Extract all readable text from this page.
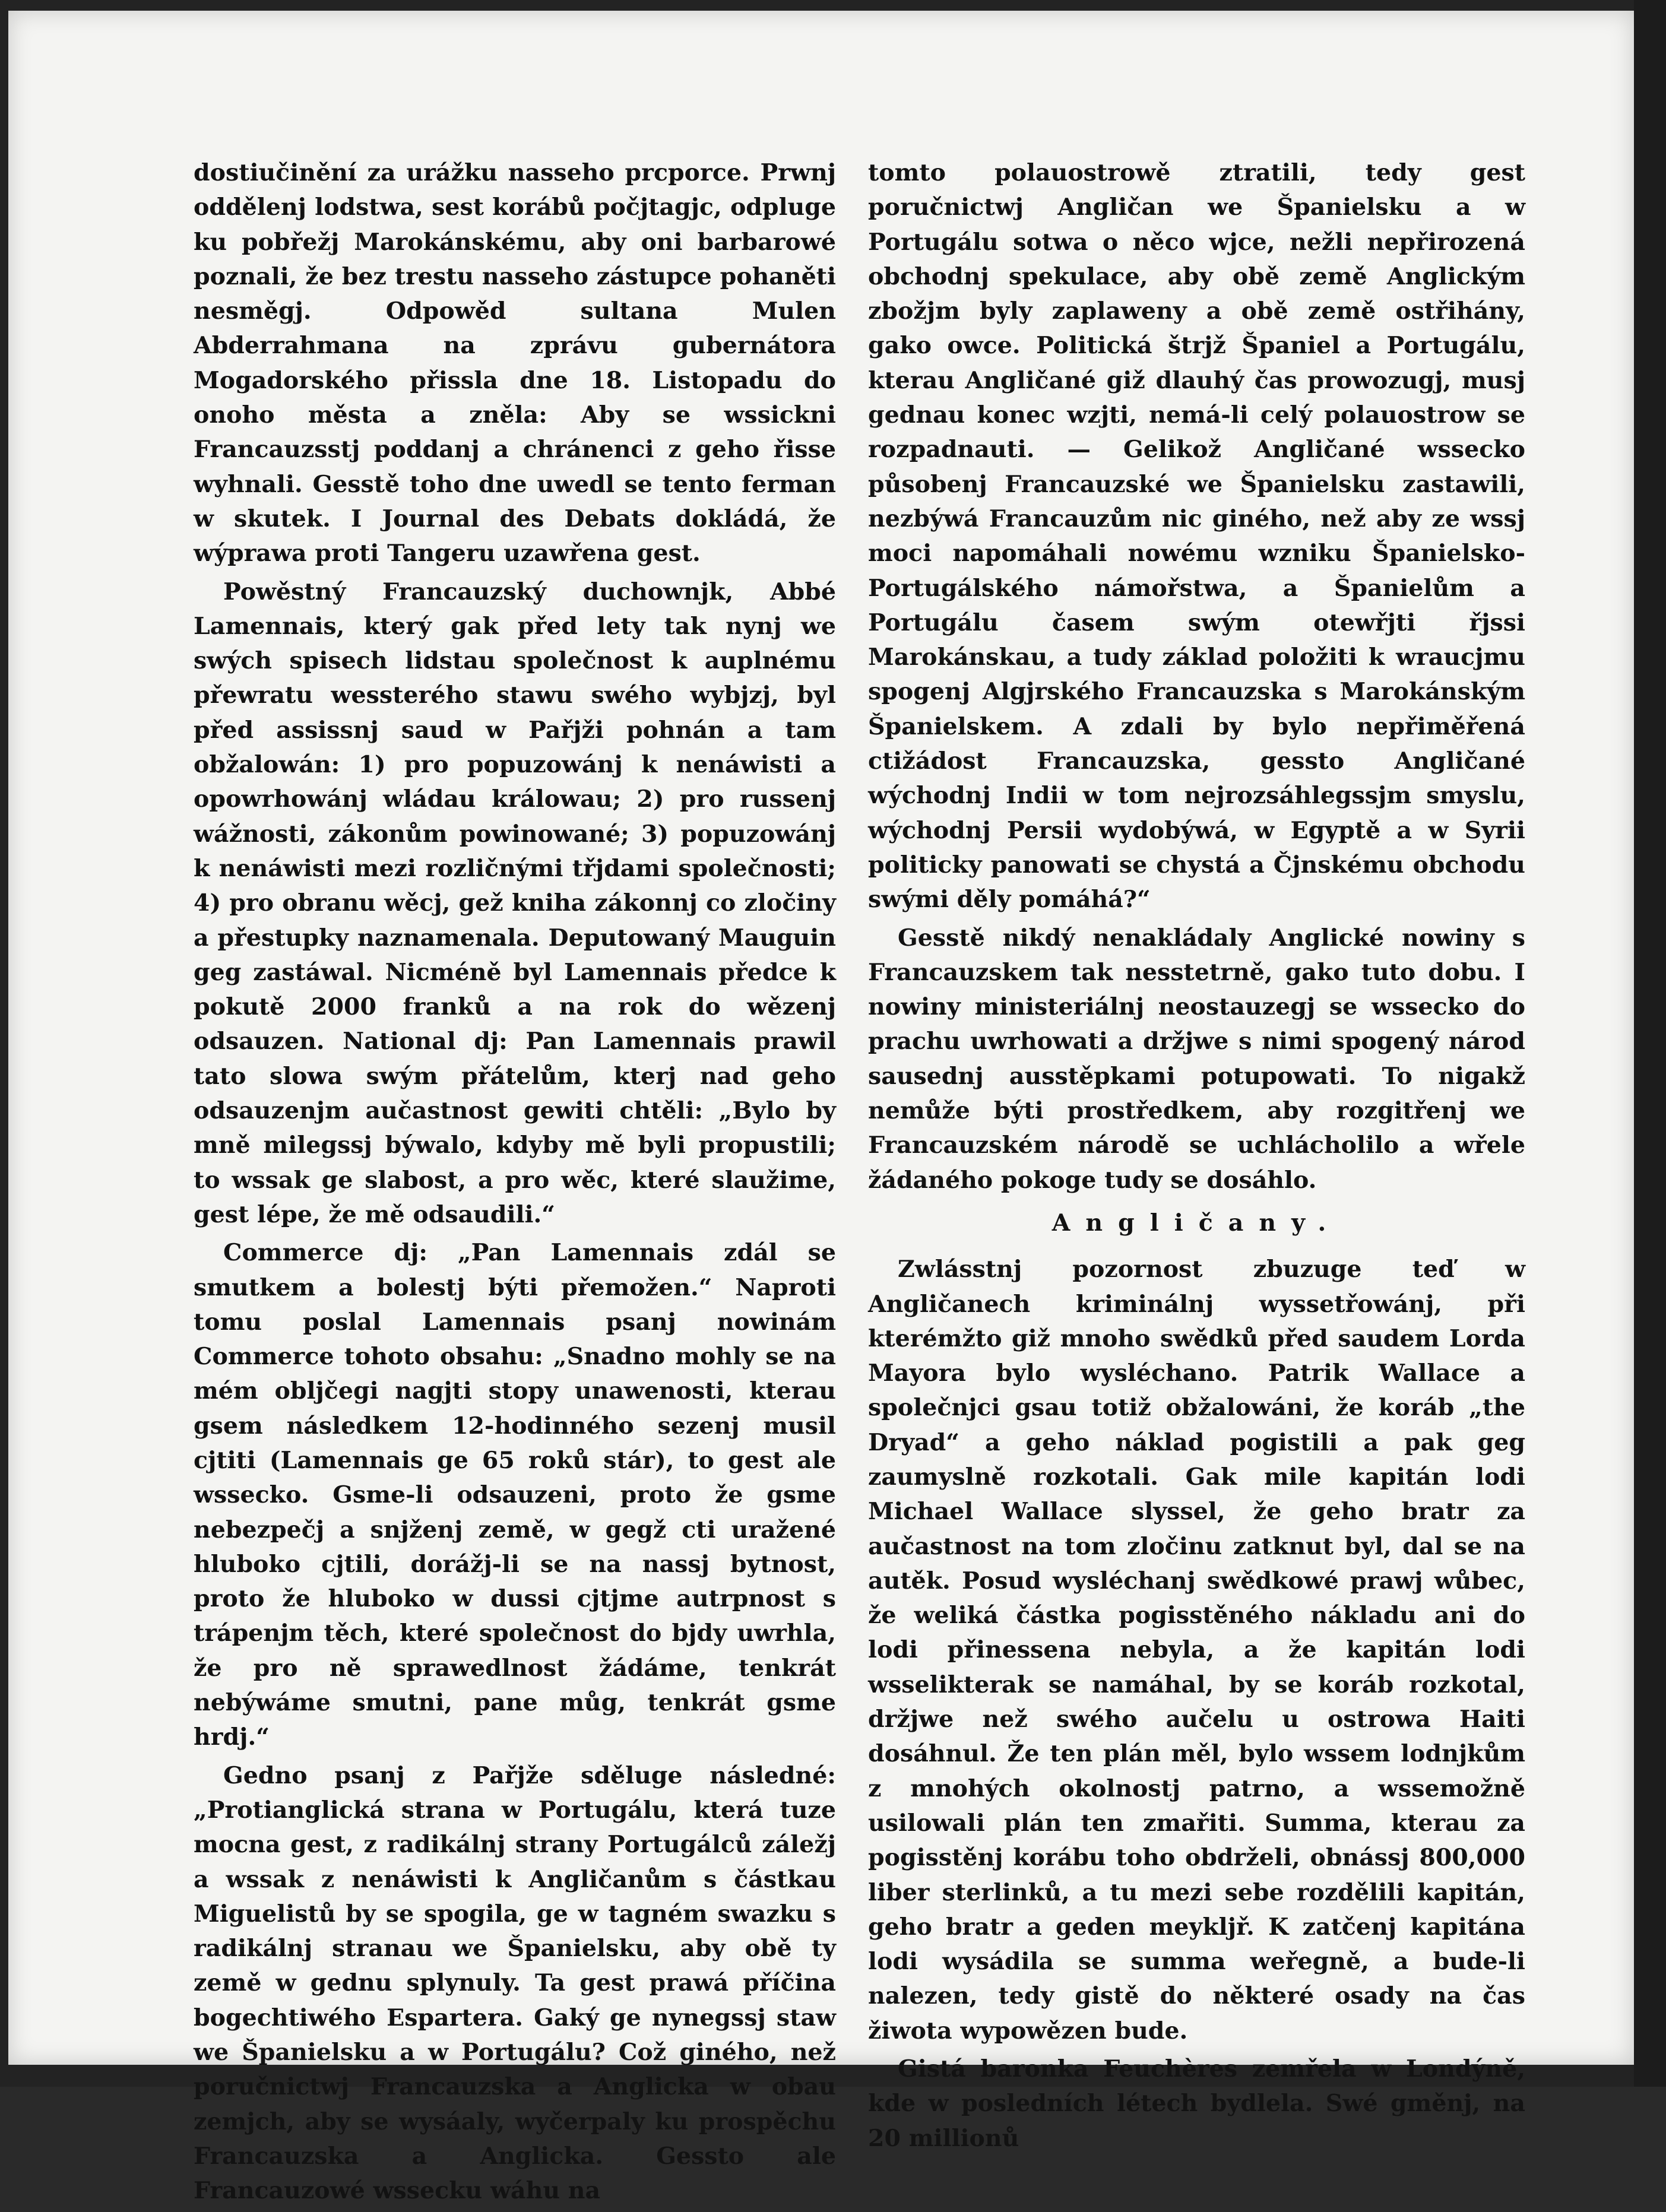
dostiučinění za urážku nasseho prcporce. Prwnj oddělenj lodstwa, sest korábů počjtagjc, odpluge ku pobřežj Marokánskému, aby oni barbarowé poznali, že bez trestu nasseho zástupce pohaněti nesměgj. Odpowěd sultana Mulen Abderrahmana na zprávu gubernátora Mogadorského přissla dne 18. Listopadu do onoho města a zněla: Aby se wssickni Francauzsstj poddanj a chránenci z geho řisse wyhnali. Gesstě toho dne uwedl se tento ferman w skutek. I Journal des Debats dokládá, že wýprawa proti Tangeru uzawřena gest.

Powěstný Francauzský duchownjk, Abbé Lamennais, který gak před lety tak nynj we swých spisech lidstau společnost k auplnému přewratu wessterého stawu swého wybjzj, byl před assissnj saud w Pařjži pohnán a tam obžalowán: 1) pro popuzowánj k nenáwisti a opowrhowánj wládau králowau; 2) pro russenj wážnosti, zákonům powinowané; 3) popuzowánj k nenáwisti mezi rozličnými třjdami společnosti; 4) pro obranu wěcj, gež kniha zákonnj co zločiny a přestupky naznamenala. Deputowaný Mauguin geg zastáwal. Nicméně byl Lamennais předce k pokutě 2000 franků a na rok do wězenj odsauzen. National dj: Pan Lamennais prawil tato slowa swým přátelům, kterj nad geho odsauzenjm aučastnost gewiti chtěli: „Bylo by mně milegssj býwalo, kdyby mě byli propustili; to wssak ge slabost, a pro wěc, které slaužime, gest lépe, že mě odsaudili.“

Commerce dj: „Pan Lamennais zdál se smutkem a bolestj býti přemožen.“ Naproti tomu poslal Lamennais psanj nowinám Commerce tohoto obsahu: „Snadno mohly se na mém obljčegi nagjti stopy unawenosti, kterau gsem následkem 12-hodinného sezenj musil cjtiti (Lamennais ge 65 roků stár), to gest ale wssecko. Gsme-li odsauzeni, proto že gsme nebezpečj a snjženj země, w gegž cti uražené hluboko cjtili, dorážj-li se na nassj bytnost, proto že hluboko w dussi cjtjme autrpnost s trápenjm těch, které společnost do bjdy uwrhla, že pro ně sprawedlnost žádáme, tenkrát nebýwáme smutni, pane můg, tenkrát gsme hrdj.“

Gedno psanj z Pařjže sděluge následné: „Protianglická strana w Portugálu, která tuze mocna gest, z radikálnj strany Portugálců záležj a wssak z nenáwisti k Angličanům s částkau Miguelistů by se spogila, ge w tagném swazku s radikálnj stranau we Španielsku, aby obě ty země w gednu splynuly. Ta gest prawá příčina bogechtiwého Espartera. Gaký ge nynegssj staw we Španielsku a w Portugálu? Což giného, než poručnictwj Francauzska a Anglicka w obau zemjch, aby se wysáaly, wyčerpaly ku prospěchu Francauzska a Anglicka. Gessto ale Francauzowé wssecku wáhu na

tomto polauostrowě ztratili, tedy gest poručnictwj Angličan we Španielsku a w Portugálu sotwa o něco wjce, nežli nepřirozená obchodnj spekulace, aby obě země Anglickým zbožjm byly zaplaweny a obě země ostřihány, gako owce. Politická štrjž Španiel a Portugálu, kterau Angličané giž dlauhý čas prowozugj, musj gednau konec wzjti, nemá-li celý polauostrow se rozpadnauti. — Gelikož Angličané wssecko působenj Francauzské we Španielsku zastawili, nezbýwá Francauzům nic giného, než aby ze wssj moci napomáhali nowému wzniku Španielsko-Portugálského námořstwa, a Španielům a Portugálu časem swým otewřjti řjssi Marokánskau, a tudy základ položiti k wraucjmu spogenj Algjrského Francauzska s Marokánským Španielskem. A zdali by bylo nepřiměřená ctižádost Francauzska, gessto Angličané wýchodnj Indii w tom nejrozsáhlegssjm smyslu, wýchodnj Persii wydobýwá, w Egyptě a w Syrii politicky panowati se chystá a Čjnskému obchodu swými děly pomáhá?“

Gesstě nikdý nenakládaly Anglické nowiny s Francauzskem tak nesstetrně, gako tuto dobu. I nowiny ministeriálnj neostauzegj se wssecko do prachu uwrhowati a držjwe s nimi spogený národ sausednj ausstěpkami potupowati. To nigakž nemůže býti prostředkem, aby rozgitřenj we Francauzském národě se uchlácholilo a wřele žádaného pokoge tudy se dosáhlo.

Angličany.

Zwlásstnj pozornost zbuzuge teď w Angličanech kriminálnj wyssetřowánj, při kterémžto giž mnoho swědků před saudem Lorda Mayora bylo wysléchano. Patrik Wallace a společnjci gsau totiž obžalowáni, že koráb „the Dryad“ a geho náklad pogistili a pak geg zaumyslně rozkotali. Gak mile kapitán lodi Michael Wallace slyssel, že geho bratr za aučastnost na tom zločinu zatknut byl, dal se na autěk. Posud wysléchanj swědkowé prawj wůbec, že weliká částka pogisstěného nákladu ani do lodi přinessena nebyla, a že kapitán lodi wsselikterak se namáhal, by se koráb rozkotal, držjwe než swého aučelu u ostrowa Haiti dosáhnul. Že ten plán měl, bylo wssem lodnjkům z mnohých okolnostj patrno, a wssemožně usilowali plán ten zmařiti. Summa, kterau za pogisstěnj korábu toho obdrželi, obnássj 800,000 liber sterlinků, a tu mezi sebe rozdělili kapitán, geho bratr a geden meykljř. K zatčenj kapitána lodi wysádila se summa weřegně, a bude-li nalezen, tedy gistě do některé osady na čas žiwota wypowězen bude.

Gistá baronka Feuchères zemřela w Londýně, kde w posledních létech bydlela. Swé gměnj, na 20 millionů
